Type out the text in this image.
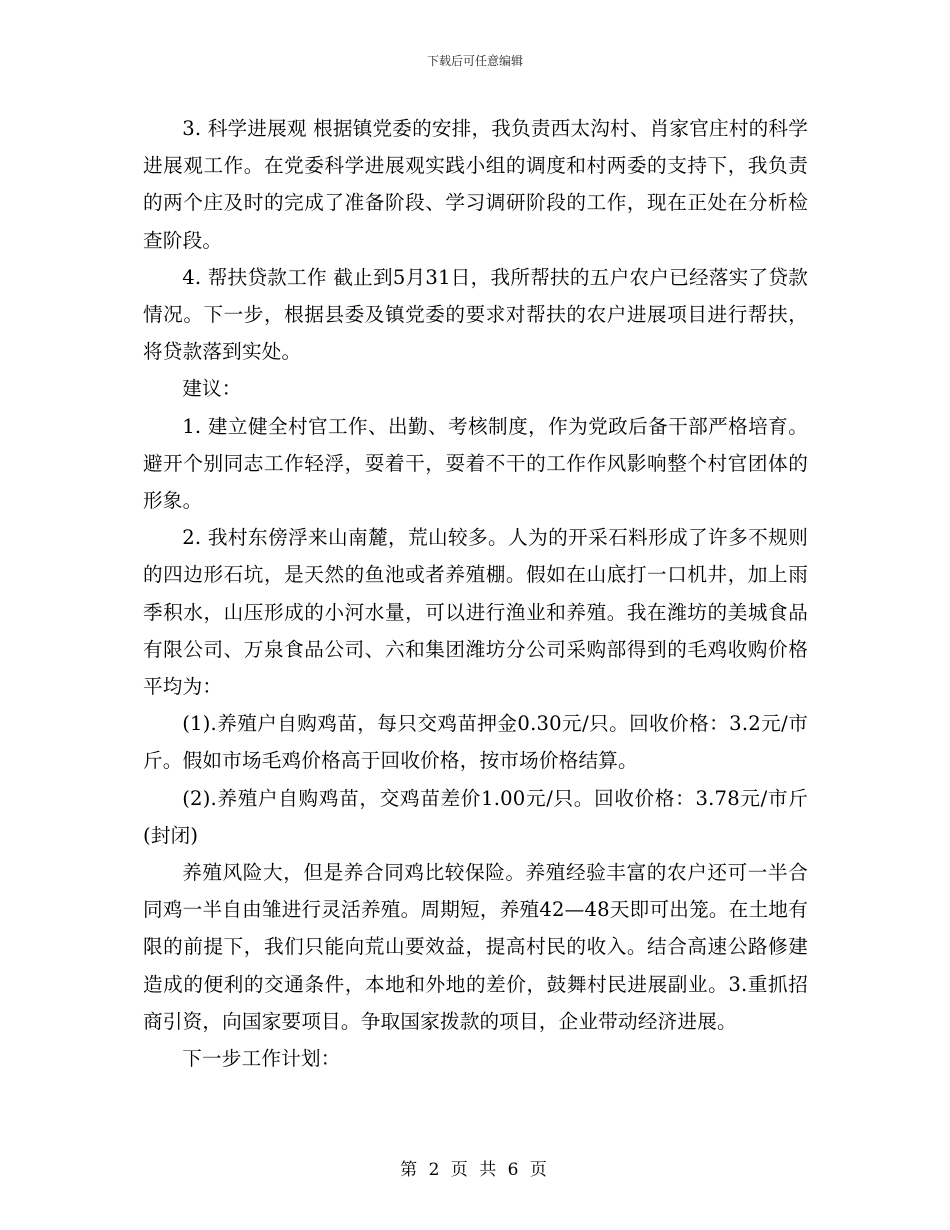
下载后可任意编辑

3. 科学进展观 根据镇党委的安排，我负责西太沟村、肖家官庄村的科学进展观工作。在党委科学进展观实践小组的调度和村两委的支持下，我负责的两个庄及时的完成了准备阶段、学习调研阶段的工作，现在正处在分析检查阶段。

4. 帮扶贷款工作 截止到5月31日，我所帮扶的五户农户已经落实了贷款情况。下一步，根据县委及镇党委的要求对帮扶的农户进展项目进行帮扶，将贷款落到实处。

建议：

1. 建立健全村官工作、出勤、考核制度，作为党政后备干部严格培育。避开个别同志工作轻浮，耍着干，耍着不干的工作作风影响整个村官团体的形象。

2. 我村东傍浮来山南麓，荒山较多。人为的开采石料形成了许多不规则的四边形石坑，是天然的鱼池或者养殖棚。假如在山底打一口机井，加上雨季积水，山压形成的小河水量，可以进行渔业和养殖。我在潍坊的美城食品有限公司、万泉食品公司、六和集团潍坊分公司采购部得到的毛鸡收购价格平均为：

(1).养殖户自购鸡苗，每只交鸡苗押金0.30元/只。回收价格：3.2元/市斤。假如市场毛鸡价格高于回收价格，按市场价格结算。

(2).养殖户自购鸡苗，交鸡苗差价1.00元/只。回收价格：3.78元/市斤(封闭)

养殖风险大，但是养合同鸡比较保险。养殖经验丰富的农户还可一半合同鸡一半自由雏进行灵活养殖。周期短，养殖42—48天即可出笼。在土地有限的前提下，我们只能向荒山要效益，提高村民的收入。结合高速公路修建造成的便利的交通条件，本地和外地的差价，鼓舞村民进展副业。3.重抓招商引资，向国家要项目。争取国家拨款的项目，企业带动经济进展。

下一步工作计划：

第 2 页 共 6 页
